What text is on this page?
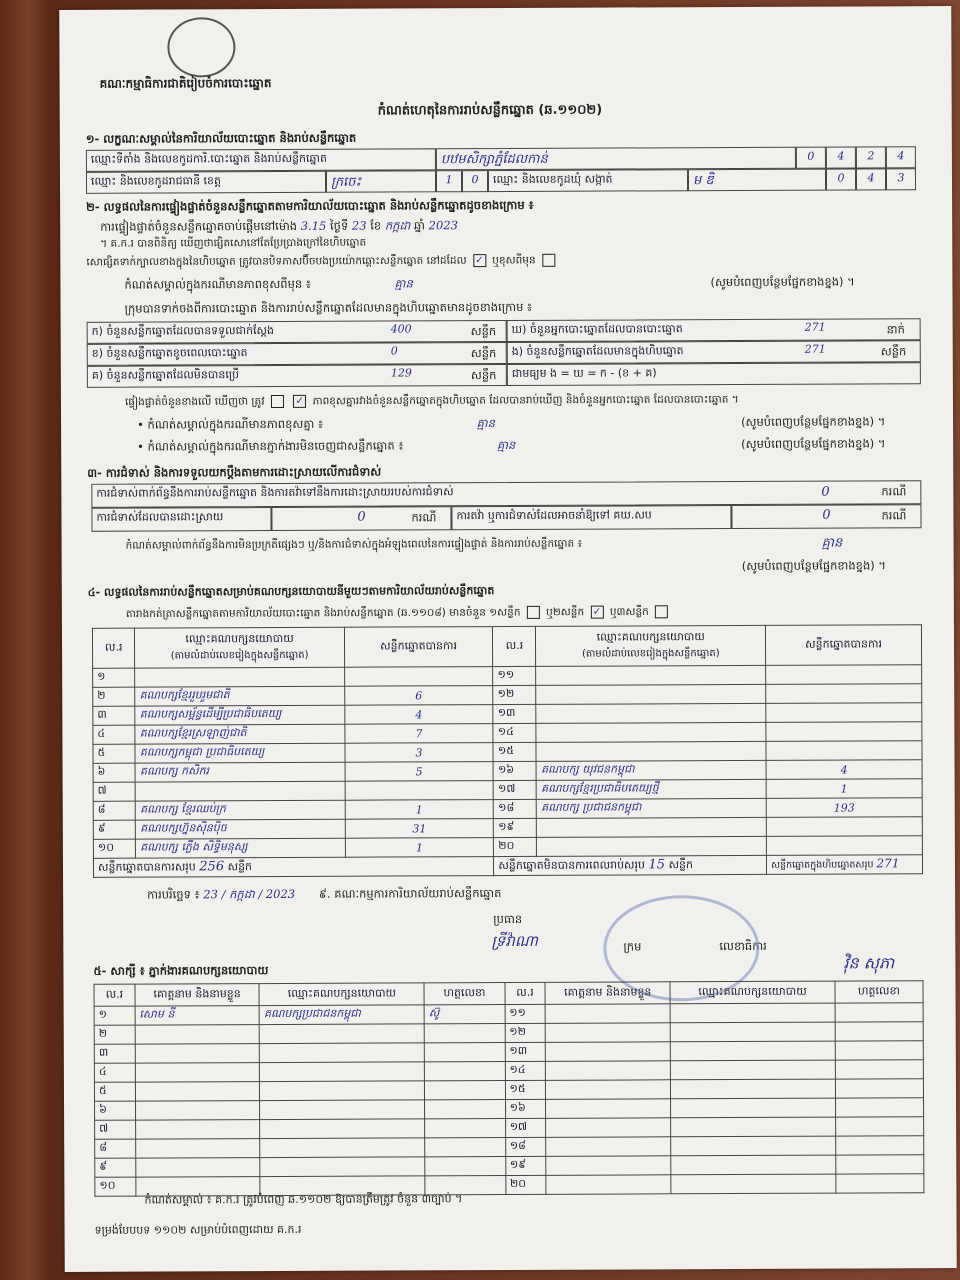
គណៈកម្មាធិការជាតិរៀបចំការបោះឆ្នោត
កំណត់ហេតុនៃការរាប់សន្លឹកឆ្នោត (ឆ.១១០២)
១- លក្ខណៈសម្គាល់នៃការិយាល័យបោះឆ្នោត និងរាប់សន្លឹកឆ្នោត
ឈ្មោះទីតាំង និងលេខកូដការិ.បោះឆ្នោត និងរាប់សន្លឹកឆ្នោត	បឋមសិក្សាភ្នំដែលកាន់	0	4	2	4
ឈ្មោះ និងលេខកូដរាជធានី ខេត្ត	ក្រចេះ	1	0	ឈ្មោះ និងលេខកូដឃុំ សង្កាត់	ម ឌិ	0	4	3
២- លទ្ធផលនៃការផ្ទៀងផ្ទាត់ចំនួនសន្លឹកឆ្នោតតាមការិយាល័យបោះឆ្នោត និងរាប់សន្លឹកឆ្នោតដូចខាងក្រោម ៖
ការផ្ទៀងផ្ទាត់ចំនួនសន្លឹកឆ្នោតចាប់ផ្ដើមនៅម៉ោង 3.15 ថ្ងៃទី 23 ខែ កក្កដា ឆ្នាំ 2023
។ គ.ក.រ បានពិនិត្យ ឃើញថាផ្សិតសោនៅតែប្រែប្រាងក្រៅនៃហិបឆ្នោត
សោផ្សិតទាក់ក្បាលខាងក្នុងនៃហិបឆ្នោត ត្រូវបានបិទភាសប៊ិ៍ចបងប្រយ៉ោកឆ្ពោះសន្លឹកឆ្នោត នៅដដែល ✓ ឬខុសពីមុន
កំណត់សម្គាល់ក្នុងករណីមានភាពខុសពីមុន ៖	គ្មាន	(សូមបំពេញបន្ថែមផ្នែកខាងខ្នង) ។
ក្រុមបានទាក់ចងពីការបោះឆ្នោត និងការរាប់សន្លឹកឆ្នោតដែលមានក្នុងហិបឆ្នោតមានដូចខាងក្រោម ៖
ក) ចំនួនសន្លឹកឆ្នោតដែលបានទទួលជាក់ស្ដែង	400	សន្លឹក	ឃ) ចំនួនអ្នកបោះឆ្នោតដែលបានបោះឆ្នោត	271	នាក់
ខ) ចំនួនសន្លឹកឆ្នោតខូចពេលបោះឆ្នោត	0	សន្លឹក	ង) ចំនួនសន្លឹកឆ្នោតដែលមានក្នុងហិបឆ្នោត	271	សន្លឹក
គ) ចំនួនសន្លឹកឆ្នោតដែលមិនបានប្រើ	129	សន្លឹក	ជាមធ្យម ង = ឃ = ក - (ខ + គ)
ផ្ទៀងផ្ទាត់ចំនួនខាងលើ ឃើញថា ត្រូវ	✓ ភាពខុសគ្នារវាងចំនួនសន្លឹកឆ្នោតក្នុងហិបឆ្នោត ដែលបានរាប់ឃើញ និងចំនួនអ្នកបោះឆ្នោត ដែលបានបោះឆ្នោត ។
• កំណត់សម្គាល់ក្នុងករណីមានភាពខុសគ្នា ៖	គ្មាន	(សូមបំពេញបន្ថែមផ្នែកខាងខ្នង) ។
• កំណត់សម្គាល់ក្នុងករណីមានភ្នាក់ងារមិនចេញជាសន្លឹកឆ្នោត ៖	គ្មាន	(សូមបំពេញបន្ថែមផ្នែកខាងខ្នង) ។
៣- ការជំទាស់ និងការទទួលយកប្តឹងតាមការដោះស្រាយលើការជំទាស់
ការជំទាស់ពាក់ព័ន្ធនឹងការរាប់សន្លឹកឆ្នោត និងការតវ៉ាទៅនឹងការដោះស្រាយរបស់ការជំទាស់	0	ករណី
ការជំទាស់ដែលបានដោះស្រាយ	0	ករណី	ការតវ៉ា ឬការជំទាស់ដែលអាចនាំឱ្យទៅ គឃ.សប	0	ករណី
កំណត់សម្គាល់ពាក់ព័ន្ធនឹងការមិនប្រក្រតីផ្សេងៗ ឬ/និងការជំទាស់ក្នុងអំឡុងពេលនៃការផ្ទៀងផ្ទាត់ និងការរាប់សន្លឹកឆ្នោត ៖	គ្មាន
(សូមបំពេញបន្ថែមផ្នែកខាងខ្នង) ។
៤- លទ្ធផលនៃការរាប់សន្លឹកឆ្នោតសម្រាប់គណបក្សនយោបាយនីមួយៗតាមការិយាល័យរាប់សន្លឹកឆ្នោត
តារាងកត់ត្រាសន្លឹកឆ្នោតតាមការិយាល័យបោះឆ្នោត និងរាប់សន្លឹកឆ្នោត (ឆ.១១០៨) មានចំនួន ១សន្លឹក ឬ២សន្លឹក ✓ ឬ៣សន្លឹក
ល.រ	ឈ្មោះគណបក្សនយោបាយ
(តាមលំដាប់លេខរៀងក្នុងសន្លឹកឆ្នោត)	សន្លឹកឆ្នោតបានការ	ល.រ	ឈ្មោះគណបក្សនយោបាយ
(តាមលំដាប់លេខរៀងក្នុងសន្លឹកឆ្នោត)	សន្លឹកឆ្នោតបានការ
១			១១		
២	គណបក្សខ្មែររួបរួមជាតិ	6	១២		
៣	គណបក្សសម្ព័ន្ធដើម្បីប្រជាធិបតេយ្យ	4	១៣		
៤	គណបក្សខ្មែរស្រឡាញ់ជាតិ	7	១៤		
៥	គណបក្សកម្ពុជា ប្រជាធិបតេយ្យ	3	១៥		
៦	គណបក្ស កសិករ	5	១៦	គណបក្ស យុវជនកម្ពុជា	4
៧			១៧	គណបក្សខ្មែរប្រជាធិបតេយ្យថ្មី	1
៨	គណបក្ស ខ្មែរឈប់ក្រ	1	១៨	គណបក្ស ប្រជាជនកម្ពុជា	193
៩	គណបក្សហ្វ៊ុនស៊ិនប៉ិច	31	១៩		
១០	គណបក្ស ភ្លើង សិទ្ធិមនុស្ស	1	២០		
សន្លឹកឆ្នោតបានការសរុប 256 សន្លឹក			សន្លឹកឆ្នោតមិនបានការពេលរាប់សរុប 15 សន្លឹក		សន្លឹកឆ្នោតក្នុងហិបឆ្នោតសរុប 271
ការបរិច្ឆេទ ៖ 23 / កក្កដា / 2023 ៩. គណៈកម្មការការិយាល័យរាប់សន្លឹកឆ្នោត
ប្រធាន
ទ្រីវ៉ាណា	ក្រម	លេខាធិការ
វ៉ិន សុភា
៥- សាក្សី ៖ ភ្នាក់ងារគណបក្សនយោបាយ
ល.រ	គោត្តនាម និងនាមខ្លួន	ឈ្មោះគណបក្សនយោបាយ	ហត្ថលេខា	ល.រ	គោត្តនាម និងនាមខ្លួន	ឈ្មោះគណបក្សនយោបាយ	ហត្ថលេខា
១	សោម នី	គណបក្សប្រជាជនកម្ពុជា	ស៊ូ	១១			
២				១២			
៣				១៣			
៤				១៤			
៥				១៥			
៦				១៦			
៧				១៧			
៨				១៨			
៩				១៩			
១០				២០			
កំណត់សម្គាល់ ៖ គ.ក.រ ត្រូវបំពេញ ឆ.១១០២ ឱ្យបានត្រឹមត្រូវ ចំនួន ៣ច្បាប់ ។
ទម្រង់បែបបទ ១១០២ សម្រាប់បំពេញដោយ គ.ក.រ
